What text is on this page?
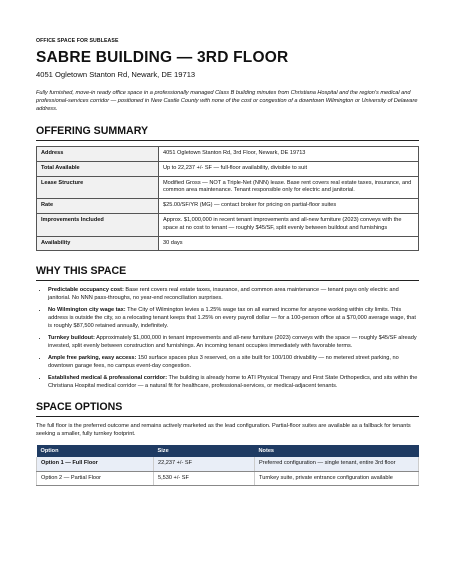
OFFICE SPACE FOR SUBLEASE
SABRE BUILDING — 3RD FLOOR
4051 Ogletown Stanton Rd, Newark, DE 19713

Fully furnished, move-in ready office space in a professionally managed Class B building minutes from Christiana Hospital and the region's medical and professional-services corridor — positioned in New Castle County with none of the cost or congestion of a downtown Wilmington or University of Delaware address.

OFFERING SUMMARY
Address	4051 Ogletown Stanton Rd, 3rd Floor, Newark, DE 19713
Total Available	Up to 22,237 +/- SF — full-floor availability, divisible to suit
Lease Structure	Modified Gross — NOT a Triple-Net (NNN) lease. Base rent covers real estate taxes, insurance, and common area maintenance. Tenant responsible only for electric and janitorial.
Rate	$25.00/SF/YR (MG) — contact broker for pricing on partial-floor suites
Improvements Included	Approx. $1,000,000 in recent tenant improvements and all-new furniture (2023) conveys with the space at no cost to tenant — roughly $45/SF, split evenly between buildout and furnishings
Availability	30 days
WHY THIS SPACE
• Predictable occupancy cost: Base rent covers real estate taxes, insurance, and common area maintenance — tenant pays only electric and janitorial. No NNN pass-throughs, no year-end reconciliation surprises.
• No Wilmington city wage tax: The City of Wilmington levies a 1.25% wage tax on all earned income for anyone working within city limits. This address is outside the city, so a relocating tenant keeps that 1.25% on every payroll dollar — for a 100-person office at a $70,000 average wage, that is roughly $87,500 retained annually, indefinitely.
• Turnkey buildout: Approximately $1,000,000 in tenant improvements and all-new furniture (2023) conveys with the space — roughly $45/SF already invested, split evenly between construction and furnishings. An incoming tenant occupies immediately with favorable terms.
• Ample free parking, easy access: 150 surface spaces plus 3 reserved, on a site built for 100/100 drivability — no metered street parking, no downtown garage fees, no campus event-day congestion.
• Established medical & professional corridor: The building is already home to ATI Physical Therapy and First State Orthopedics, and sits within the Christiana Hospital medical corridor — a natural fit for healthcare, professional-services, or medical-adjacent tenants.
SPACE OPTIONS

The full floor is the preferred outcome and remains actively marketed as the lead configuration. Partial-floor suites are available as a fallback for tenants seeking a smaller, fully turnkey footprint.

Option	Size	Notes
Option 1 — Full Floor	22,237 +/- SF	Preferred configuration — single tenant, entire 3rd floor
Option 2 — Partial Floor	5,530 +/- SF	Turnkey suite, private entrance configuration available
